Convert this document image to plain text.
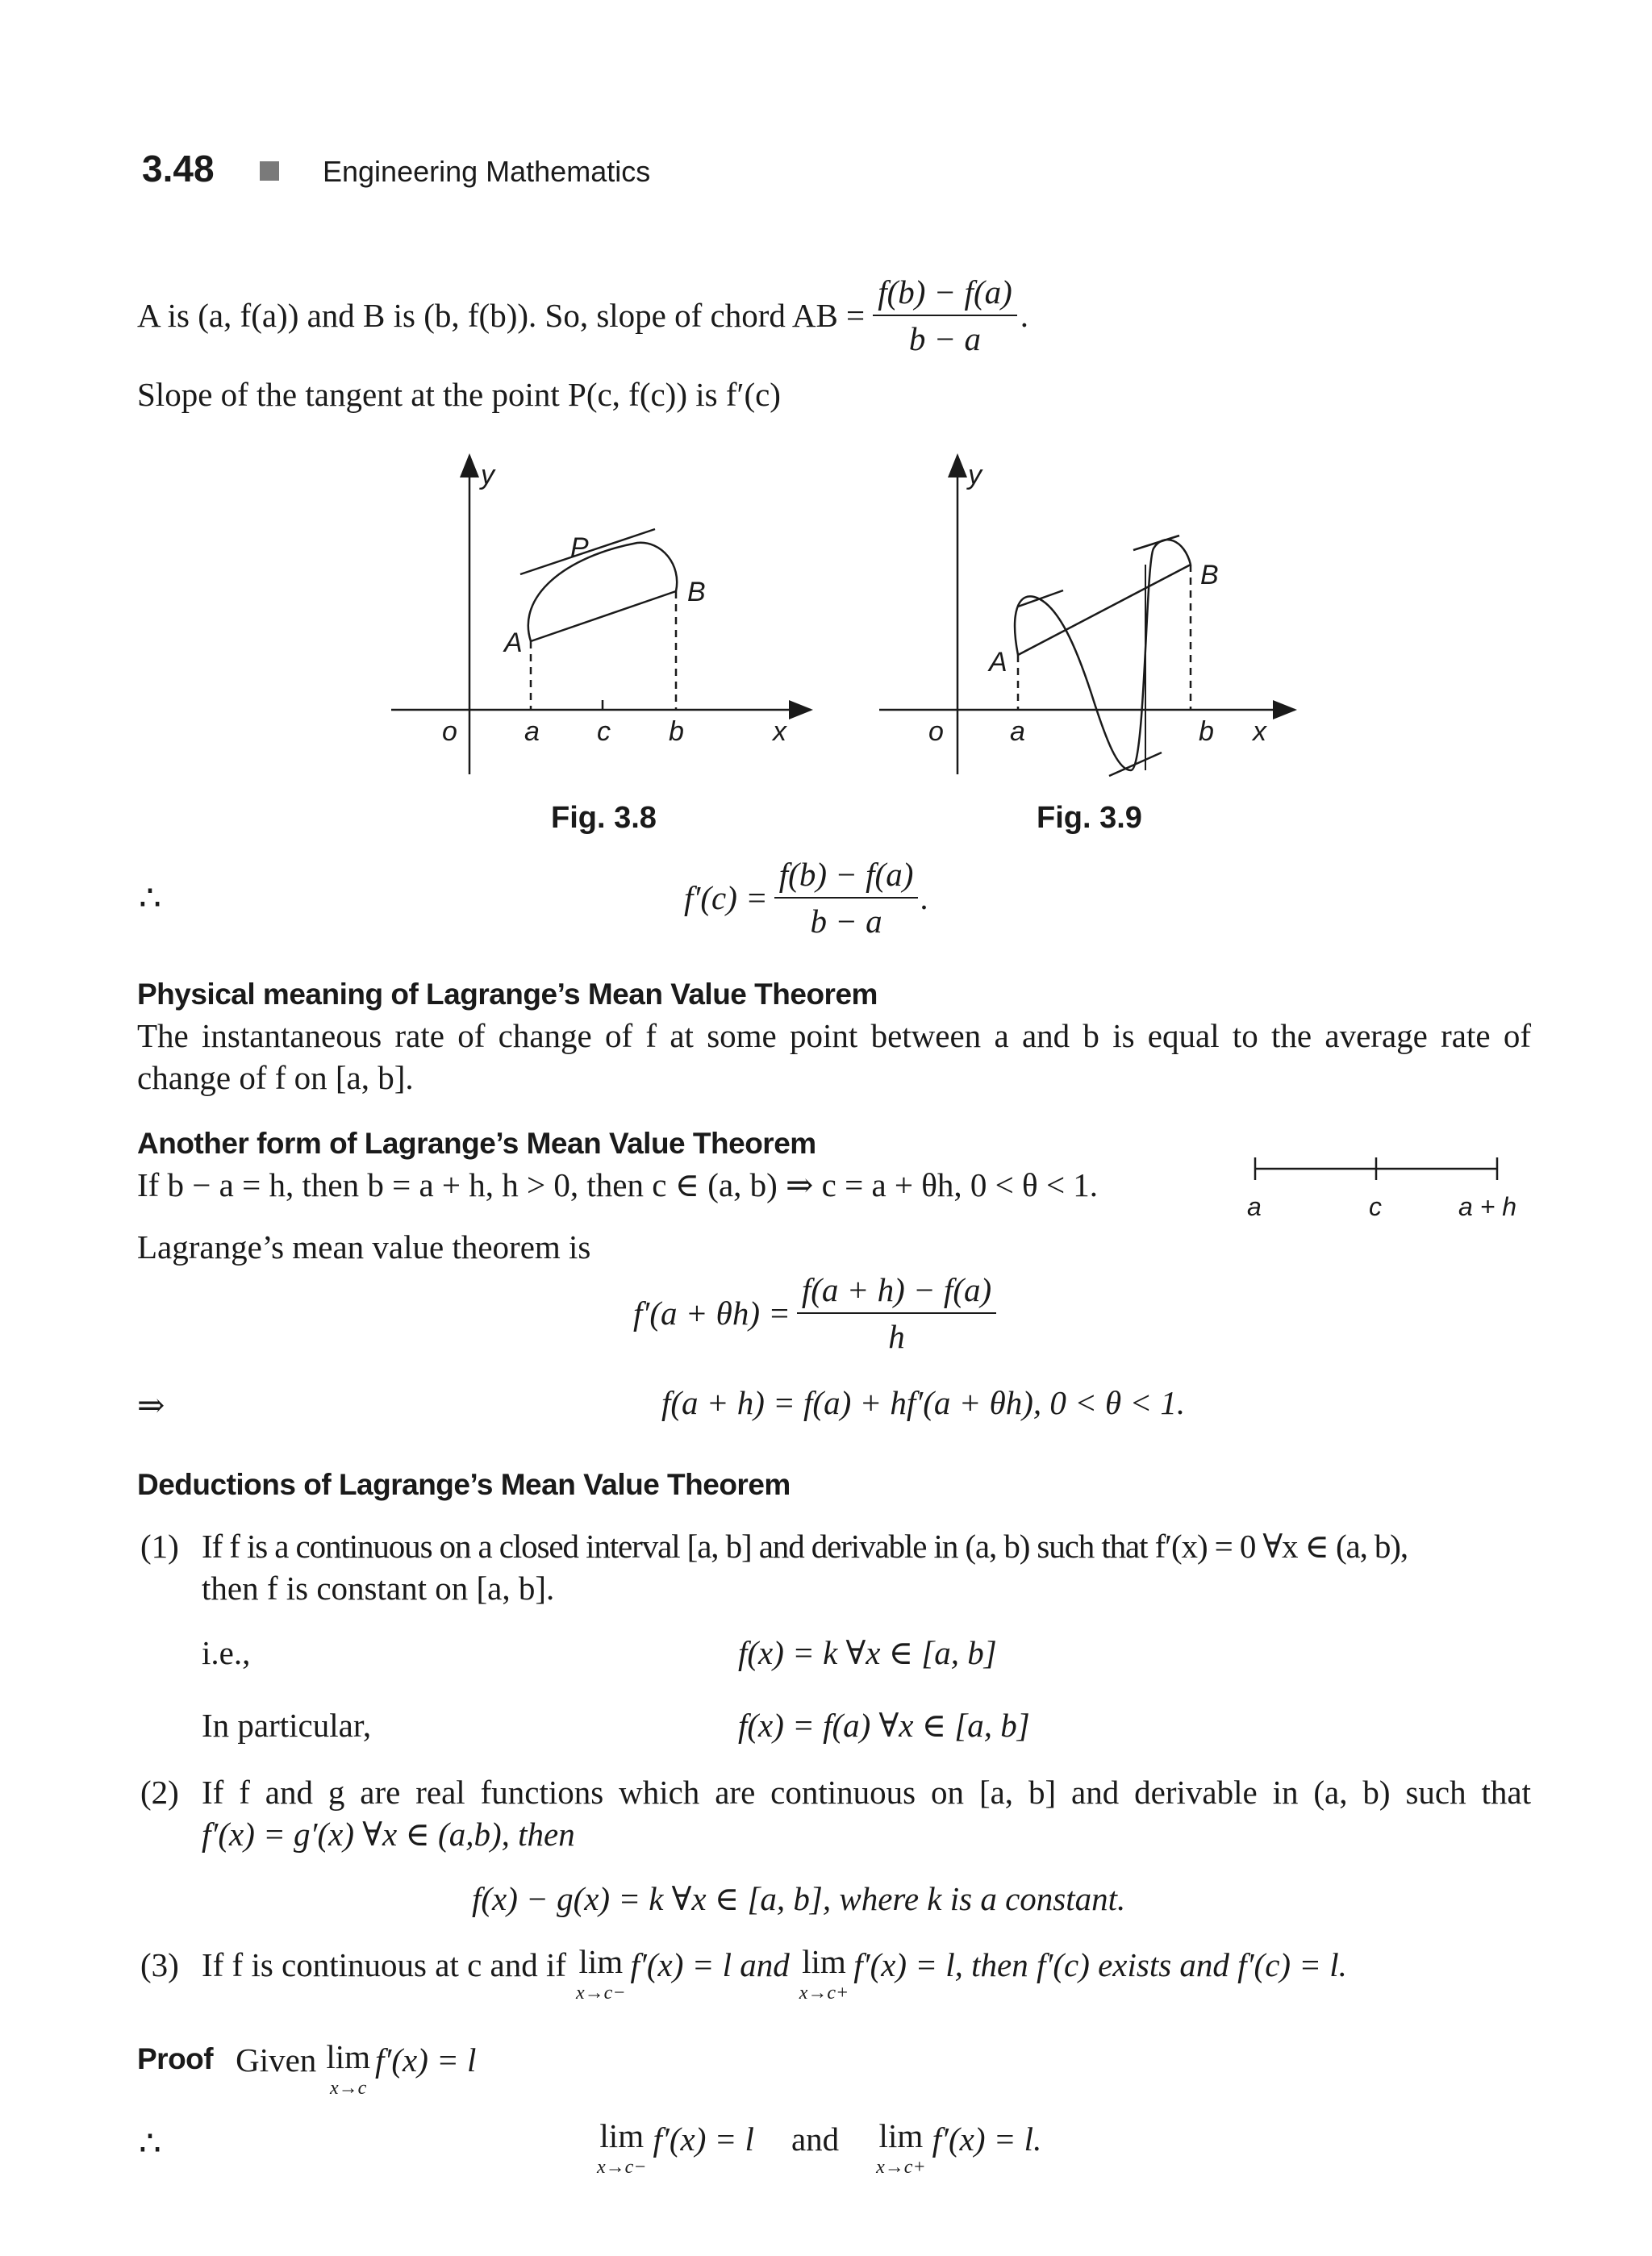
3.48	Engineering Mathematics
A is (a, f(a)) and B is (b, f(b)). So, slope of chord AB = $\frac{f(b) - f(a)}{b - a}$ .
Slope of the tangent at the point P(c, f(c)) is f′(c)
y
x
o a c b
A
B
P
Fig. 3.8
y
x
o a	b
A
B
Fig. 3.9
∴	$f'(c) = \frac{f(b) - f(a)}{b - a}$ .
Physical meaning of Lagrange’s Mean Value Theorem
The instantaneous rate of change of f at some point between a and b is equal to the average rate of
change of f on [a, b].
Another form of Lagrange’s Mean Value Theorem
If b − a = h, then b = a + h, h > 0, then c ∈ (a, b) ⇒ c = a + θh, 0 < θ < 1.
a	c	a + h
Lagrange’s mean value theorem is
$f'(a + \theta h) = \frac{f(a + h) - f(a)}{h}$
⇒	f(a + h) = f(a) + hf′(a + θh), 0 < θ < 1.
Deductions of Lagrange’s Mean Value Theorem
(1) If f is a continuous on a closed interval [a, b] and derivable in (a, b) such that f′(x) = 0 ∀x ∈ (a, b),
then f is constant on [a, b].
i.e.,	f(x) = k ∀x ∈ [a, b]
In particular,	f(x) = f(a) ∀x ∈ [a, b]
(2) If f and g are real functions which are continuous on [a, b] and derivable in (a, b) such that
f′(x) = g′(x) ∀x ∈ (a,b), then
f(x) − g(x) = k ∀x ∈ [a, b], where k is a constant.
(3) If f is continuous at c and if lim
x→c−
f′(x) = l and lim
x→c+
f′(x) = l, then f′(c) exists and f′(c) = l.
Proof Given lim
x→c
f′(x) = l
∴	lim
x→c−
f′(x) = l and lim
x→c+
f′(x) = l.
